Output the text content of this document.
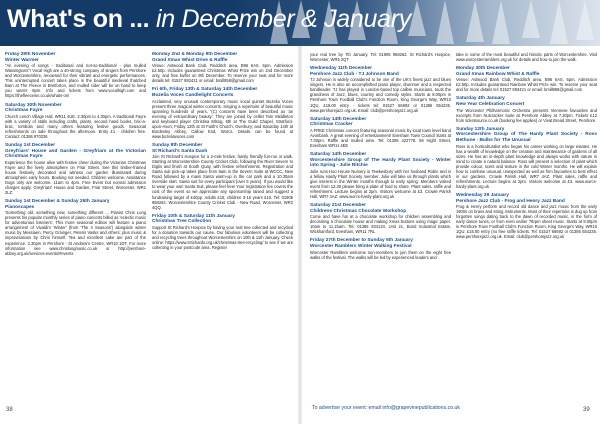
What's on ... in December & January

Friday 29th November
Winter Warmer
"An evening of songs - traditional and not-so-traditional - plus mulled Wassingtons"! Vocal High are a 40-strong company of singers from Pershore and Worcestershire, renowned for their vibrant and energetic performances. This uninterrupted concert takes place in the beautiful medieval thatched Barn at The Fleece in Bretforton, and mulled cider will be on hand to keep you warm! 8pm. Info and tickets from www.vocalhigh.com and https://thefleeceinn.co.uk/whats-on/

Saturday 30th November
Christmas Fayre
Church Lench Village Hall, WR11 4UE. 2.30pm to 4.30pm. A traditional Fayre with a variety of stalls including crafts, plants, second hand books, bric-a-brac, tombola and many others featuring festive goods. Seasonal refreshments on sale throughout the afternoon. Entry £1 - children free. Contact: 01386 870236

Sunday 1st December
Greyfriars' House and Garden - Greyfriars at the Victorian Christmas Fayre
Experience the house alive with festive cheer during the Victorian Christmas Fayre and the lively atmosphere on Friar Street. See this timber-framed house festively decorated and witness our garden illuminated during atmospheric early hours. Booking not needed. Children welcome. Assistance Dogs only are welcome. 11am to 4pm. Free Event but normal admission charges apply. Greyfriars' House and Garden, Friar Street, Worcester, WR1 2LZ.

Sunday 1st December & Sunday 26th January
Pianoscapes
'Something old, something new, something different ... Pianist Chris Long presents his popular monthly series of piano concerts billed as 'eclectic music for adventurous listeners'. This more seasonal edition will feature a piano arrangement of Vivaldi's 'Winter' (from 'The 4 Seasons') alongside winter music by Messiaen, Percy Grainger, Peteris Vasks and others; plus music & improvisations by Chris himself. Tea and excellent cake are part of the experience. 2.30pm in Pershore - St Andrew's Centre, WR10 1DT. For more information see www.chrislongmusic.co.uk or http://pershore-abbey.org.uk/services-events/#events

Monday 2nd & Monday 9th December
Grand Xmas Whist Drive & Raffle
Venue: Astwood Bank Club, Redditch area, B96 6AS. 6pm. Admission £2.50p. Includes guaranteed Christmas Whist Prize win on 2nd December only, and free buffet on 9th December. To reserve your seat and for more details tel: 01527 893421 or email: bmill858@gmail.com

Fri 6th, Friday 13th & Saturday 14th December
Bozelia Voces Candlelight Concerts
Acclaimed, very unusual contemporary music vocal quintet Bozelia Voces present three magical winter concerts. Singing a repertoire of beautiful music spanning hundreds of years, '(C) concerts have been described as 'an evening of extraordinary beauty'. They are joined by cellist Tom Middleton and keyboard player Christina Mlsng. 6th at The Guild Chapel, Stratford-upon-Avon; Friday 13th at St Faith's Church, Overbury; and Saturday 14th at Bordesley Abbey, Callow End, Worcs. Details can be found at www.bozeliavoces.com

Sunday 8th December
St Richard's Santa Dash
Join St Richard's Hospice for a 2-mile festive, family friendly fun-run or walk. Starting at Worcestershire County Cricket Club, following the River Severn to Diglis and finish at South Quay, with festive refreshments. Registration and Santa suit pick-up takes place from 9am in the Severn Suite at WCCC, New Road followed by a mass Santa warm-up in the car park and a 10.30am riverside start. Santa suit for every participant (over 5 years). If you would like to wear your own Santa Suit, please feel free! Your registration fee covers the cost of the event so we appreciate any sponsorship raised and suggest a fundraising target of £40pp. Adults £15, children 3-16 years £10. Tel: 01905 958262. Worcestershire County Cricket Club - New Road, Worcester, WR2 4QQ.

Friday 10th & Saturday 11th January
Christmas Tree Collection
Support St Richard's Hospice by having your real tree collected and recycled for a donation towards our cause. Our fabulous volunteers will be collecting and recycling trees throughout Worcestershire on 10th & 11th January. Check online: https://www.strichards.org.uk/christmas-tree-recycling/ to see if we are collecting in your postcode area. Register

your real tree by 7th January. Tel: 01905 958262. St Richard's Hospice, Worcester, WR5 2QT

Wednesday 11th December
Pershore Jazz Club - TJ Johnson Band
TJ Johnson is widely considered to be one of the UK's finest jazz and blues singers. He is also an accomplished piano player, drummer and a respected bandleader. TJ has played in London-based top calibre musicians, touts the grandness of Jazz, blues, country and comedy styles. Starts at 8.00pm in Pershore Town Football Club's Function Room, King George's Way, WR10 1QU. £15.00 entry - tickets tel: 01527 66692 or 01386 554235. www.pershorejazz.org.uk. Email: club@pershorejazz.org.uk

Saturday 14th December
Christmas Cracker
A FREE Christmas concert featuring seasonal music by local town level band Avonbank. A great evening of entertainment! Evesham Town Council starts at 7.30pm. Raffle and mulled wine. Tel: 01386 422778. 69 Hight Street, Evesham WR11 4EE

Saturday 14th December
Worcestershire Group of The Hardy Plant Society - Winter into Spring - Julie Ritchie
Julie runs Hoo House Nursery in Tewkesbury with her husband Robin and is a fellow Hardy Plant Society member. Julie will take us through plants which give interest in the Winter months through to early spring. Members visited event from 12.30 please bring a plate of food to share. Plant sales, raffle and refreshment. Lecture begins at 2pm. Visitors welcome at £3. Crowle Parish Hall, WR7 4AZ. www.worcs-hardy-plant.org.uk

Saturday 21st December
Childrens Christmas Chocolate Workshop
Come and have fun at a chocolate workshop for children assembling and decorating a chocolate house and making Xmas buttons using magic paper. 10am to 11.15am. Tel: 01386 834134. Unit 21, Bond Industrial Estate, Wickhamford, Evesham, WR11 7RL

Friday 27th December to Sunday 5th January
Worcester Ramblers Winter Walking Festival
Worcester Ramblers welcome non-members to join them on the eight free walks of the festival. The walks will be led by experienced leaders and

take in some of the most beautiful and historic parts of Worcestershire. Visit www.worcesterramblers.org.uk for details and how to join the walk.

Monday 30th December
Grand Xmas Rainbow Whist & Raffle
Venue: Astwood Bank Club, Redditch area, B96 6AS. 6pm. Admission £2.50p. Includes guaranteed Rainbow Whist Prize win. To reserve your seat and for more details tel: 01527 893421 or email: bmill858@gmail.com

Saturday 4th January
New Year Celebration Concert
The Worcester Philharmonic Orchestra presents Viennese favourites and excerpts from Nutcracker Suite at Pershore Abbey at 7.30pm. Tickets £12 from ticketsource.co.uk (booking fee applies) or Vivat Bread Street, Pershore.

Sunday 12th January
Worcestershire Group of The Hardy Plant Society - Ross Bethune - Bulbs for The Unusual
Ross is a horticulturalist who began his career working on large estates. He has a wealth of knowledge on the creation and maintenance of gardens of all sizes. He has an in-depth plant knowledge and always works with nature in mind to create a natural balance. Ross will present a selection of plant which provide colour, scent and texture in the cold Winter months. He will explain how to combine unusual, unexpected as well as firm favourites to best effect in our gardens. Crowle Parish Hall, WR7 4AZ. Plant sales, raffle and refreshments. Lecture begins at 2pm. Visitors welcome at £3. www.worcs-hardy-plant.org.uk

Wednesday 29 January
Pershore Jazz Club - Frog and Henry Jazz Band
Frog & Henry perform and record old dance and jazz music from the early 1900s on brass and string instruments. Most of their repertoire is dug up from forgotten songs dating back to the dawn of recorded music, in the form of early dance tunes, or from even earlier 78rpm sheet music. Starts at 8.00pm in Pershore Town Football Club's Function Room, King George's Way, WR10 1QU. £15.00 entry (no free raffle tickets. Tel: 01527 66692 or 01386 554235. www.pershorejazz.org.uk. Email: club@pershorejazz.org.uk

To advertise your event: email info@grapevinepublications.co.uk
38	39
